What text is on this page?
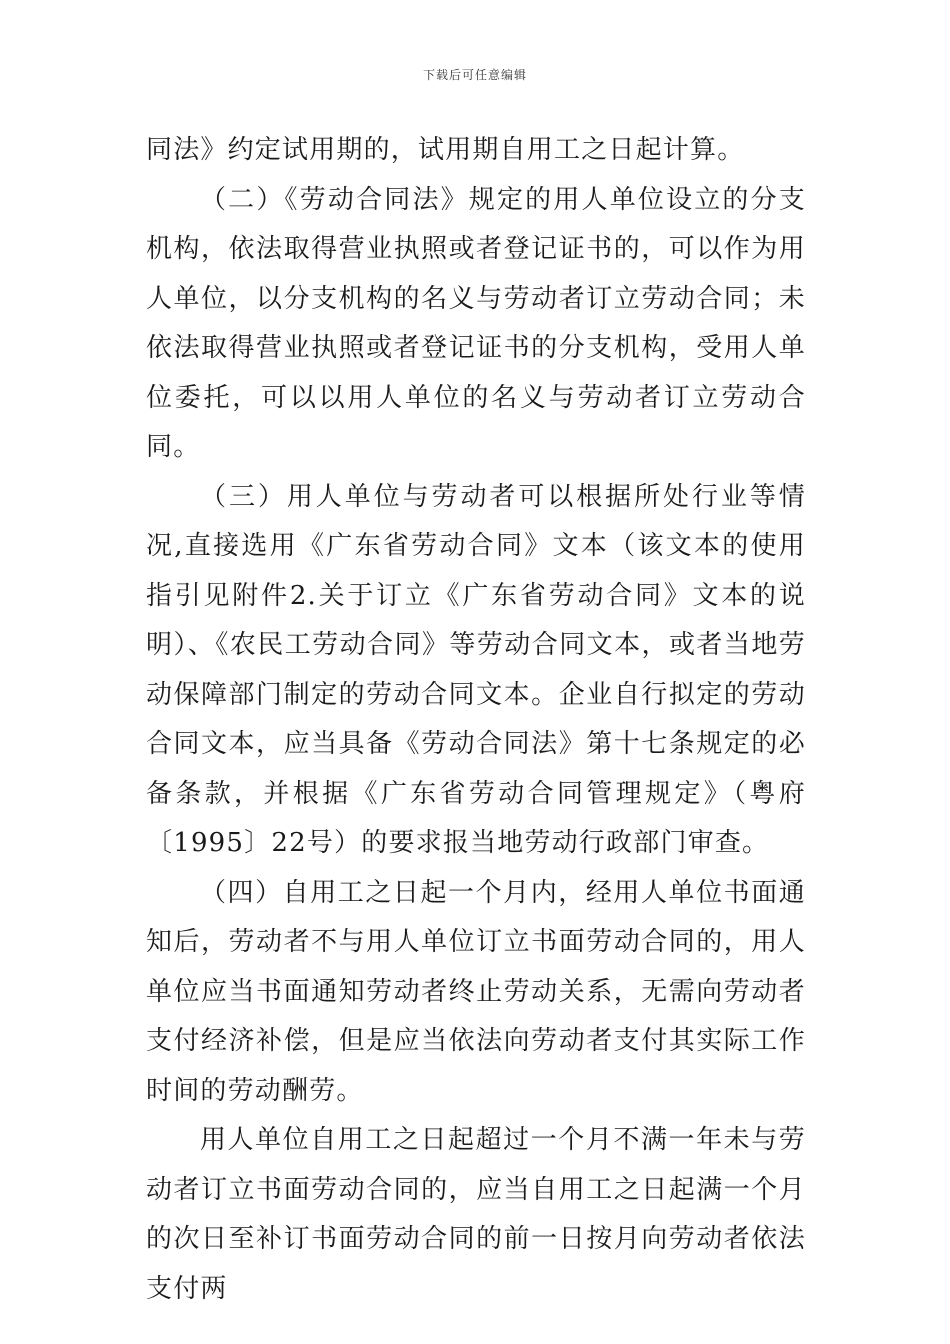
下载后可任意编辑

同法》约定试用期的，试用期自用工之日起计算。

（二）《劳动合同法》规定的用人单位设立的分支机构，依法取得营业执照或者登记证书的，可以作为用人单位，以分支机构的名义与劳动者订立劳动合同；未依法取得营业执照或者登记证书的分支机构，受用人单位委托，可以以用人单位的名义与劳动者订立劳动合同。

（三）用人单位与劳动者可以根据所处行业等情况,直接选用《广东省劳动合同》文本（该文本的使用指引见附件2.关于订立《广东省劳动合同》文本的说明）、《农民工劳动合同》等劳动合同文本，或者当地劳动保障部门制定的劳动合同文本。企业自行拟定的劳动合同文本，应当具备《劳动合同法》第十七条规定的必备条款，并根据《广东省劳动合同管理规定》（粤府〔1995〕22号）的要求报当地劳动行政部门审查。

（四）自用工之日起一个月内，经用人单位书面通知后，劳动者不与用人单位订立书面劳动合同的，用人单位应当书面通知劳动者终止劳动关系，无需向劳动者支付经济补偿，但是应当依法向劳动者支付其实际工作时间的劳动酬劳。

用人单位自用工之日起超过一个月不满一年未与劳动者订立书面劳动合同的，应当自用工之日起满一个月的次日至补订书面劳动合同的前一日按月向劳动者依法支付两
